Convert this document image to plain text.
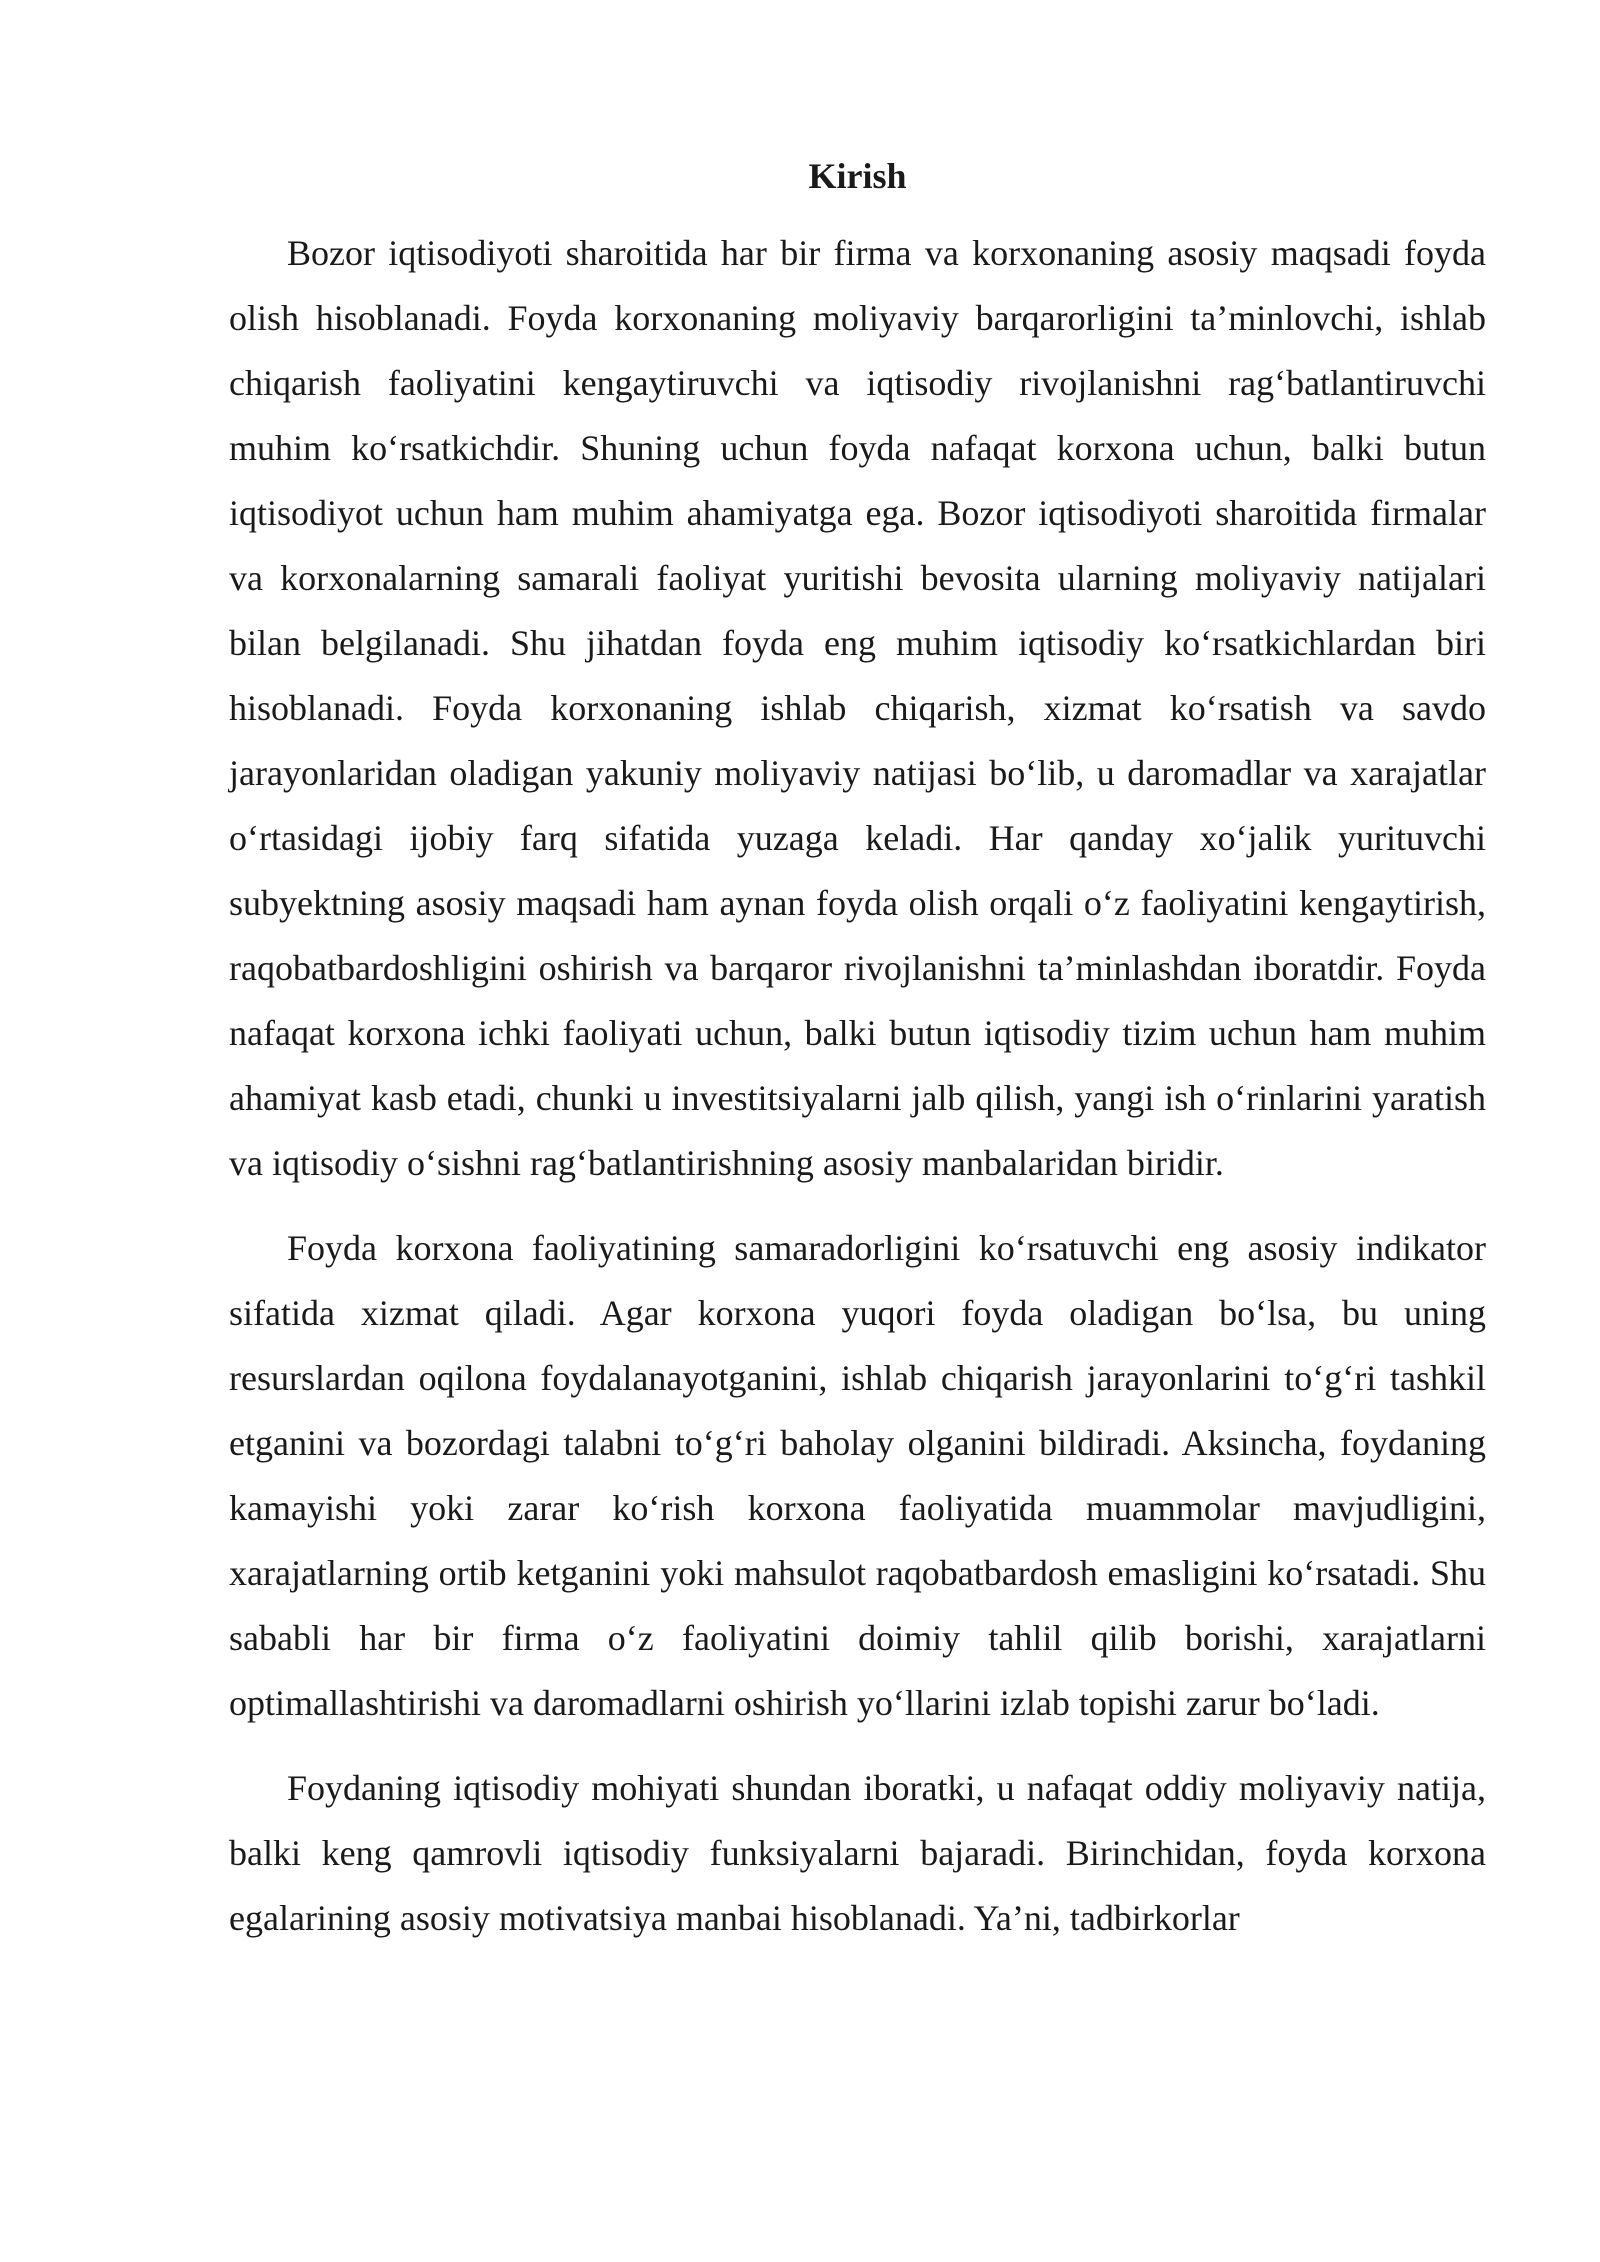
Kirish

Bozor iqtisodiyoti sharoitida har bir firma va korxonaning asosiy maqsadi foyda olish hisoblanadi. Foyda korxonaning moliyaviy barqarorligini ta’minlovchi, ishlab chiqarish faoliyatini kengaytiruvchi va iqtisodiy rivojlanishni rag‘batlantiruvchi muhim ko‘rsatkichdir. Shuning uchun foyda nafaqat korxona uchun, balki butun iqtisodiyot uchun ham muhim ahamiyatga ega. Bozor iqtisodiyoti sharoitida firmalar va korxonalarning samarali faoliyat yuritishi bevosita ularning moliyaviy natijalari bilan belgilanadi. Shu jihatdan foyda eng muhim iqtisodiy ko‘rsatkichlardan biri hisoblanadi. Foyda korxonaning ishlab chiqarish, xizmat ko‘rsatish va savdo jarayonlaridan oladigan yakuniy moliyaviy natijasi bo‘lib, u daromadlar va xarajatlar o‘rtasidagi ijobiy farq sifatida yuzaga keladi. Har qanday xo‘jalik yurituvchi subyektning asosiy maqsadi ham aynan foyda olish orqali o‘z faoliyatini kengaytirish, raqobatbardoshligini oshirish va barqaror rivojlanishni ta’minlashdan iboratdir. Foyda nafaqat korxona ichki faoliyati uchun, balki butun iqtisodiy tizim uchun ham muhim ahamiyat kasb etadi, chunki u investitsiyalarni jalb qilish, yangi ish o‘rinlarini yaratish va iqtisodiy o‘sishni rag‘batlantirishning asosiy manbalaridan biridir.

Foyda korxona faoliyatining samaradorligini ko‘rsatuvchi eng asosiy indikator sifatida xizmat qiladi. Agar korxona yuqori foyda oladigan bo‘lsa, bu uning resurslardan oqilona foydalanayotganini, ishlab chiqarish jarayonlarini to‘g‘ri tashkil etganini va bozordagi talabni to‘g‘ri baholay olganini bildiradi. Aksincha, foydaning kamayishi yoki zarar ko‘rish korxona faoliyatida muammolar mavjudligini, xarajatlarning ortib ketganini yoki mahsulot raqobatbardosh emasligini ko‘rsatadi. Shu sababli har bir firma o‘z faoliyatini doimiy tahlil qilib borishi, xarajatlarni optimallashtirishi va daromadlarni oshirish yo‘llarini izlab topishi zarur bo‘ladi.

Foydaning iqtisodiy mohiyati shundan iboratki, u nafaqat oddiy moliyaviy natija, balki keng qamrovli iqtisodiy funksiyalarni bajaradi. Birinchidan, foyda korxona egalarining asosiy motivatsiya manbai hisoblanadi. Ya’ni, tadbirkorlar
